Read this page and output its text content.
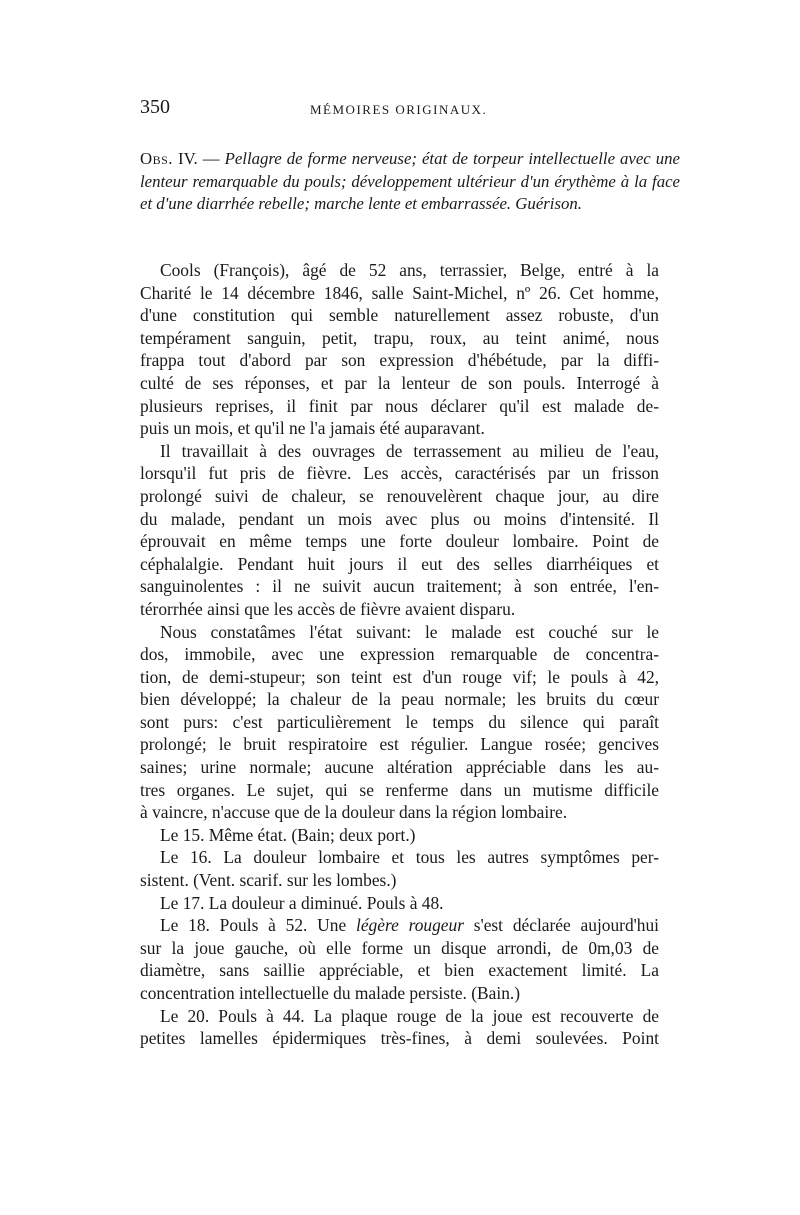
350	MÉMOIRES ORIGINAUX.
Obs. IV. — Pellagre de forme nerveuse; état de torpeur intellectuelle avec une lenteur remarquable du pouls; développement ultérieur d'un érythème à la face et d'une diarrhée rebelle; marche lente et embarrassée. Guérison.
Cools (François), âgé de 52 ans, terrassier, Belge, entré à la
Charité le 14 décembre 1846, salle Saint-Michel, nº 26. Cet homme,
d'une constitution qui semble naturellement assez robuste, d'un
tempérament sanguin, petit, trapu, roux, au teint animé, nous
frappa tout d'abord par son expression d'hébétude, par la diffi-
culté de ses réponses, et par la lenteur de son pouls. Interrogé à
plusieurs reprises, il finit par nous déclarer qu'il est malade de-
puis un mois, et qu'il ne l'a jamais été auparavant.
Il travaillait à des ouvrages de terrassement au milieu de l'eau,
lorsqu'il fut pris de fièvre. Les accès, caractérisés par un frisson
prolongé suivi de chaleur, se renouvelèrent chaque jour, au dire
du malade, pendant un mois avec plus ou moins d'intensité. Il
éprouvait en même temps une forte douleur lombaire. Point de
céphalalgie. Pendant huit jours il eut des selles diarrhéiques et
sanguinolentes : il ne suivit aucun traitement; à son entrée, l'en-
térorrhée ainsi que les accès de fièvre avaient disparu.
Nous constatâmes l'état suivant: le malade est couché sur le
dos, immobile, avec une expression remarquable de concentra-
tion, de demi-stupeur; son teint est d'un rouge vif; le pouls à 42,
bien développé; la chaleur de la peau normale; les bruits du cœur
sont purs: c'est particulièrement le temps du silence qui paraît
prolongé; le bruit respiratoire est régulier. Langue rosée; gencives
saines; urine normale; aucune altération appréciable dans les au-
tres organes. Le sujet, qui se renferme dans un mutisme difficile
à vaincre, n'accuse que de la douleur dans la région lombaire.
Le 15. Même état. (Bain; deux port.)
Le 16. La douleur lombaire et tous les autres symptômes per-
sistent. (Vent. scarif. sur les lombes.)
Le 17. La douleur a diminué. Pouls à 48.
Le 18. Pouls à 52. Une légère rougeur s'est déclarée aujourd'hui
sur la joue gauche, où elle forme un disque arrondi, de 0m,03 de
diamètre, sans saillie appréciable, et bien exactement limité. La
concentration intellectuelle du malade persiste. (Bain.)
Le 20. Pouls à 44. La plaque rouge de la joue est recouverte de
petites lamelles épidermiques très-fines, à demi soulevées. Point
